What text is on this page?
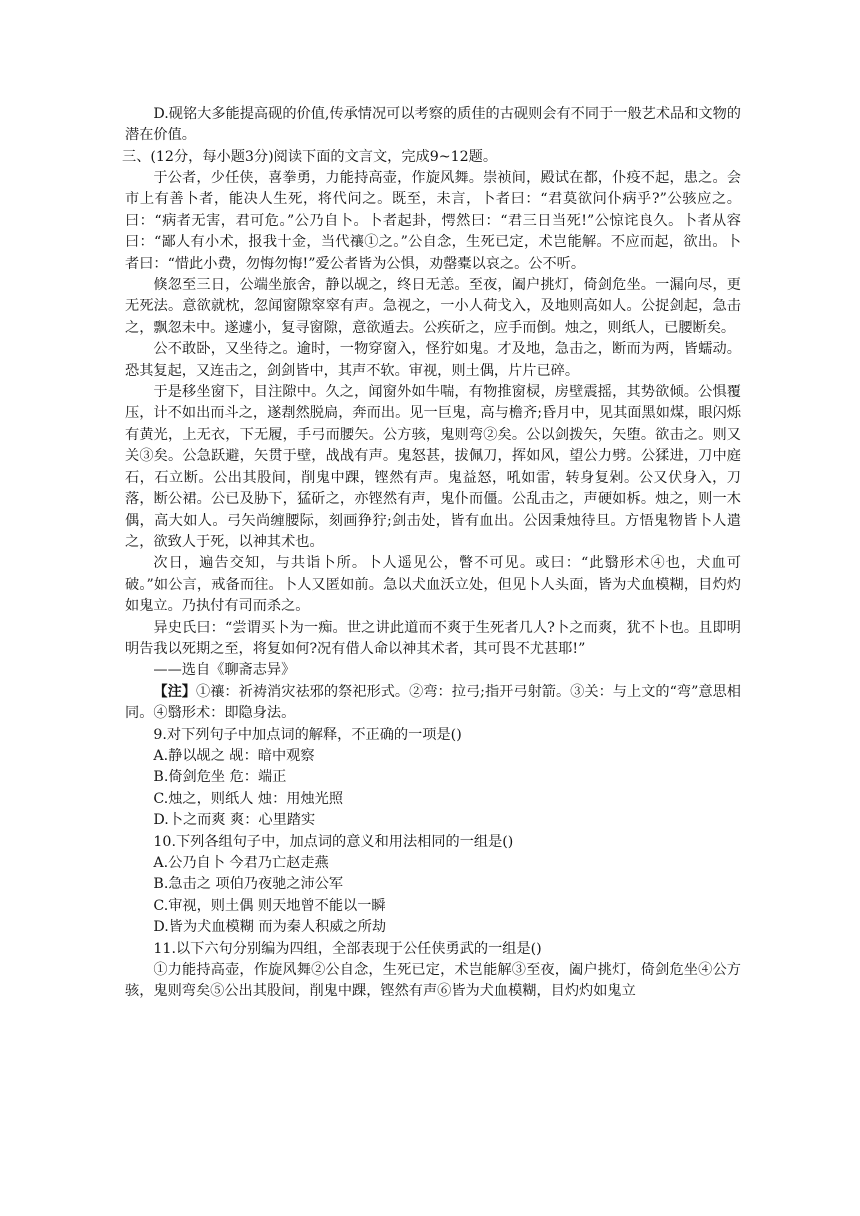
D.砚铭大多能提高砚的价值,传承情况可以考察的质佳的古砚则会有不同于一般艺术品和文物的潜在价值。

三、(12分，每小题3分)阅读下面的文言文，完成9~12题。

于公者，少任侠，喜拳勇，力能持高壶，作旋风舞。崇祯间，殿试在都，仆疫不起，患之。会市上有善卜者，能决人生死，将代问之。既至，未言，卜者曰：“君莫欲问仆病乎?”公骇应之。曰：“病者无害，君可危。”公乃自卜。卜者起卦，愕然曰：“君三日当死!”公惊诧良久。卜者从容曰：“鄙人有小术，报我十金，当代禳①之。”公自念，生死已定，术岂能解。不应而起，欲出。卜者曰：“惜此小费，勿悔勿悔!”爱公者皆为公惧，劝罄橐以哀之。公不听。

倏忽至三日，公端坐旅舍，静以觇之，终日无恙。至夜，阖户挑灯，倚剑危坐。一漏向尽，更无死法。意欲就枕，忽闻窗隙窣窣有声。急视之，一小人荷戈入，及地则高如人。公捉剑起，急击之，飘忽未中。遂遽小，复寻窗隙，意欲遁去。公疾斫之，应手而倒。烛之，则纸人，已腰断矣。

公不敢卧，又坐待之。逾时，一物穿窗入，怪狞如鬼。才及地，急击之，断而为两，皆蠕动。恐其复起，又连击之，剑剑皆中，其声不软。审视，则土偶，片片已碎。

于是移坐窗下，目注隙中。久之，闻窗外如牛喘，有物推窗棂，房壁震摇，其势欲倾。公惧覆压，计不如出而斗之，遂剨然脱扃，奔而出。见一巨鬼，高与檐齐;昏月中，见其面黑如煤，眼闪烁有黄光，上无衣，下无履，手弓而腰矢。公方骇，鬼则弯②矣。公以剑拨矢，矢堕。欲击之。则又关③矣。公急跃避，矢贯于壁，战战有声。鬼怒甚，拔佩刀，挥如风，望公力劈。公猱进，刀中庭石，石立断。公出其股间，削鬼中踝，铿然有声。鬼益怒，吼如雷，转身复剁。公又伏身入，刀落，断公裙。公已及胁下，猛斫之，亦铿然有声，鬼仆而僵。公乱击之，声硬如柝。烛之，则一木偶，高大如人。弓矢尚缠腰际，刻画狰狞;剑击处，皆有血出。公因秉烛待旦。方悟鬼物皆卜人遣之，欲致人于死，以神其术也。

次日，遍告交知，与共诣卜所。卜人遥见公，瞥不可见。或曰：“此翳形术④也，犬血可破。”如公言，戒备而往。卜人又匿如前。急以犬血沃立处，但见卜人头面，皆为犬血模糊，目灼灼如鬼立。乃执付有司而杀之。

异史氏曰：“尝谓买卜为一痴。世之讲此道而不爽于生死者几人?卜之而爽，犹不卜也。且即明明告我以死期之至，将复如何?况有借人命以神其术者，其可畏不尤甚耶!”

——选自《聊斋志异》

【注】①禳：祈祷消灾祛邪的祭祀形式。②弯：拉弓;指开弓射箭。③关：与上文的“弯”意思相同。④翳形术：即隐身法。

9.对下列句子中加点词的解释，不正确的一项是()

A.静以觇之 觇：暗中观察

B.倚剑危坐 危：端正

C.烛之，则纸人 烛：用烛光照

D.卜之而爽 爽：心里踏实

10.下列各组句子中，加点词的意义和用法相同的一组是()

A.公乃自卜 今君乃亡赵走燕

B.急击之 项伯乃夜驰之沛公军

C.审视，则土偶 则天地曾不能以一瞬

D.皆为犬血模糊 而为秦人积威之所劫

11.以下六句分别编为四组，全部表现于公任侠勇武的一组是()

①力能持高壶，作旋风舞②公自念，生死已定，术岂能解③至夜，阖户挑灯，倚剑危坐④公方骇，鬼则弯矣⑤公出其股间，削鬼中踝，铿然有声⑥皆为犬血模糊，目灼灼如鬼立
